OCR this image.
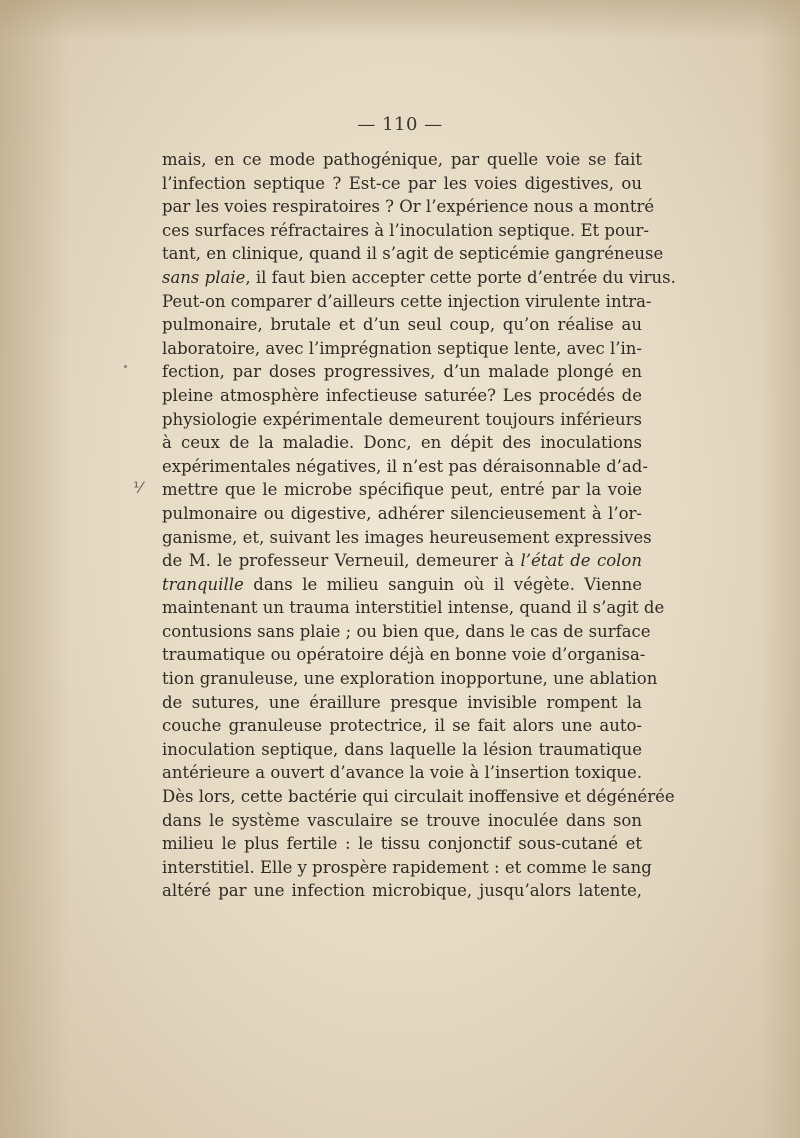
— 110 —
⅟
mais, en ce mode pathogénique, par quelle voie se fait
l’infection septique ? Est-ce par les voies digestives, ou
par les voies respiratoires ? Or l’expérience nous a montré
ces surfaces réfractaires à l’inoculation septique. Et pour-
tant, en clinique, quand il s’agit de septicémie gangréneuse
sans plaie, il faut bien accepter cette porte d’entrée du virus.
Peut-on comparer d’ailleurs cette injection virulente intra-
pulmonaire, brutale et d’un seul coup, qu’on réalise au
laboratoire, avec l’imprégnation septique lente, avec l’in-
fection, par doses progressives, d’un malade plongé en
pleine atmosphère infectieuse saturée? Les procédés de
physiologie expérimentale demeurent toujours inférieurs
à ceux de la maladie. Donc, en dépit des inoculations
expérimentales négatives, il n’est pas déraisonnable d’ad-
mettre que le microbe spécifique peut, entré par la voie
pulmonaire ou digestive, adhérer silencieusement à l’or-
ganisme, et, suivant les images heureusement expressives
de M. le professeur Verneuil, demeurer à l’état de colon
tranquille dans le milieu sanguin où il végète. Vienne
maintenant un trauma interstitiel intense, quand il s’agit de
contusions sans plaie ; ou bien que, dans le cas de surface
traumatique ou opératoire déjà en bonne voie d’organisa-
tion granuleuse, une exploration inopportune, une ablation
de sutures, une éraillure presque invisible rompent la
couche granuleuse protectrice, il se fait alors une auto-
inoculation septique, dans laquelle la lésion traumatique
antérieure a ouvert d’avance la voie à l’insertion toxique.
Dès lors, cette bactérie qui circulait inoffensive et dégénérée
dans le système vasculaire se trouve inoculée dans son
milieu le plus fertile : le tissu conjonctif sous-cutané et
interstitiel. Elle y prospère rapidement : et comme le sang
altéré par une infection microbique, jusqu’alors latente,
